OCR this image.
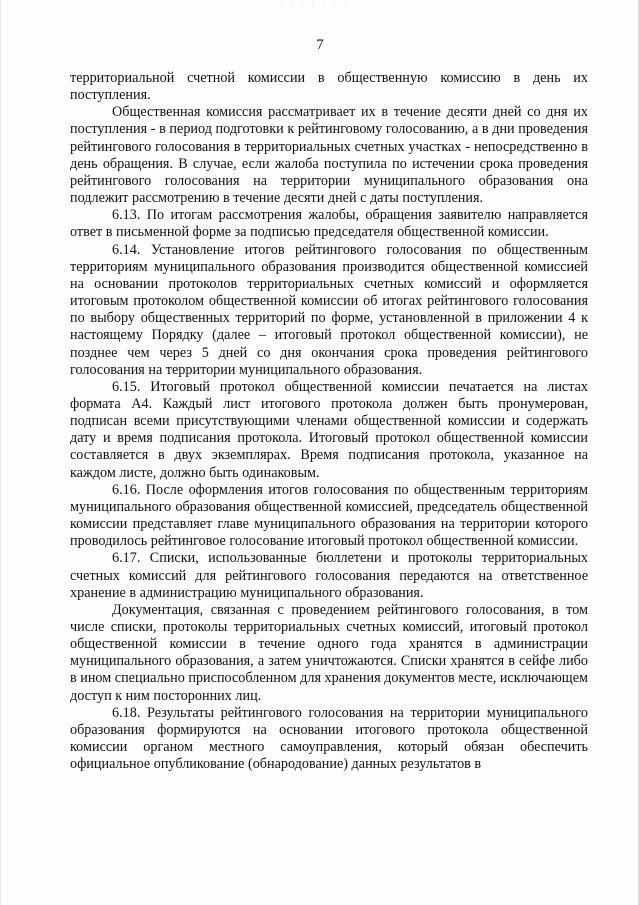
· · · · ˙ · ·
7

территориальной счетной комиссии в общественную комиссию в день их поступления.

Общественная комиссия рассматривает их в течение десяти дней со дня их поступления - в период подготовки к рейтинговому голосованию, а в дни проведения рейтингового голосования в территориальных счетных участках - непосредственно в день обращения. В случае, если жалоба поступила по истечении срока проведения рейтингового голосования на территории муниципального образования она подлежит рассмотрению в течение десяти дней с даты поступления.

6.13. По итогам рассмотрения жалобы, обращения заявителю направляется ответ в письменной форме за подписью председателя общественной комиссии.

6.14. Установление итогов рейтингового голосования по общественным территориям муниципального образования производится общественной комиссией на основании протоколов территориальных счетных комиссий и оформляется итоговым протоколом общественной комиссии об итогах рейтингового голосования по выбору общественных территорий по форме, установленной в приложении 4 к настоящему Порядку (далее – итоговый протокол общественной комиссии), не позднее чем через 5 дней со дня окончания срока проведения рейтингового голосования на территории муниципального образования.

6.15. Итоговый протокол общественной комиссии печатается на листах формата А4. Каждый лист итогового протокола должен быть пронумерован, подписан всеми присутствующими членами общественной комиссии и содержать дату и время подписания протокола. Итоговый протокол общественной комиссии составляется в двух экземплярах. Время подписания протокола, указанное на каждом листе, должно быть одинаковым.

6.16. После оформления итогов голосования по общественным территориям муниципального образования общественной комиссией, председатель общественной комиссии представляет главе муниципального образования на территории которого проводилось рейтинговое голосование итоговый протокол общественной комиссии.

6.17. Списки, использованные бюллетени и протоколы территориальных счетных комиссий для рейтингового голосования передаются на ответственное хранение в администрацию муниципального образования.

Документация, связанная с проведением рейтингового голосования, в том числе списки, протоколы территориальных счетных комиссий, итоговый протокол общественной комиссии в течение одного года хранятся в администрации муниципального образования, а затем уничтожаются. Списки хранятся в сейфе либо в ином специально приспособленном для хранения документов месте, исключающем доступ к ним посторонних лиц.

6.18. Результаты рейтингового голосования на территории муниципального образования формируются на основании итогового протокола общественной комиссии органом местного самоуправления, который обязан обеспечить официальное опубликование (обнародование) данных результатов в
